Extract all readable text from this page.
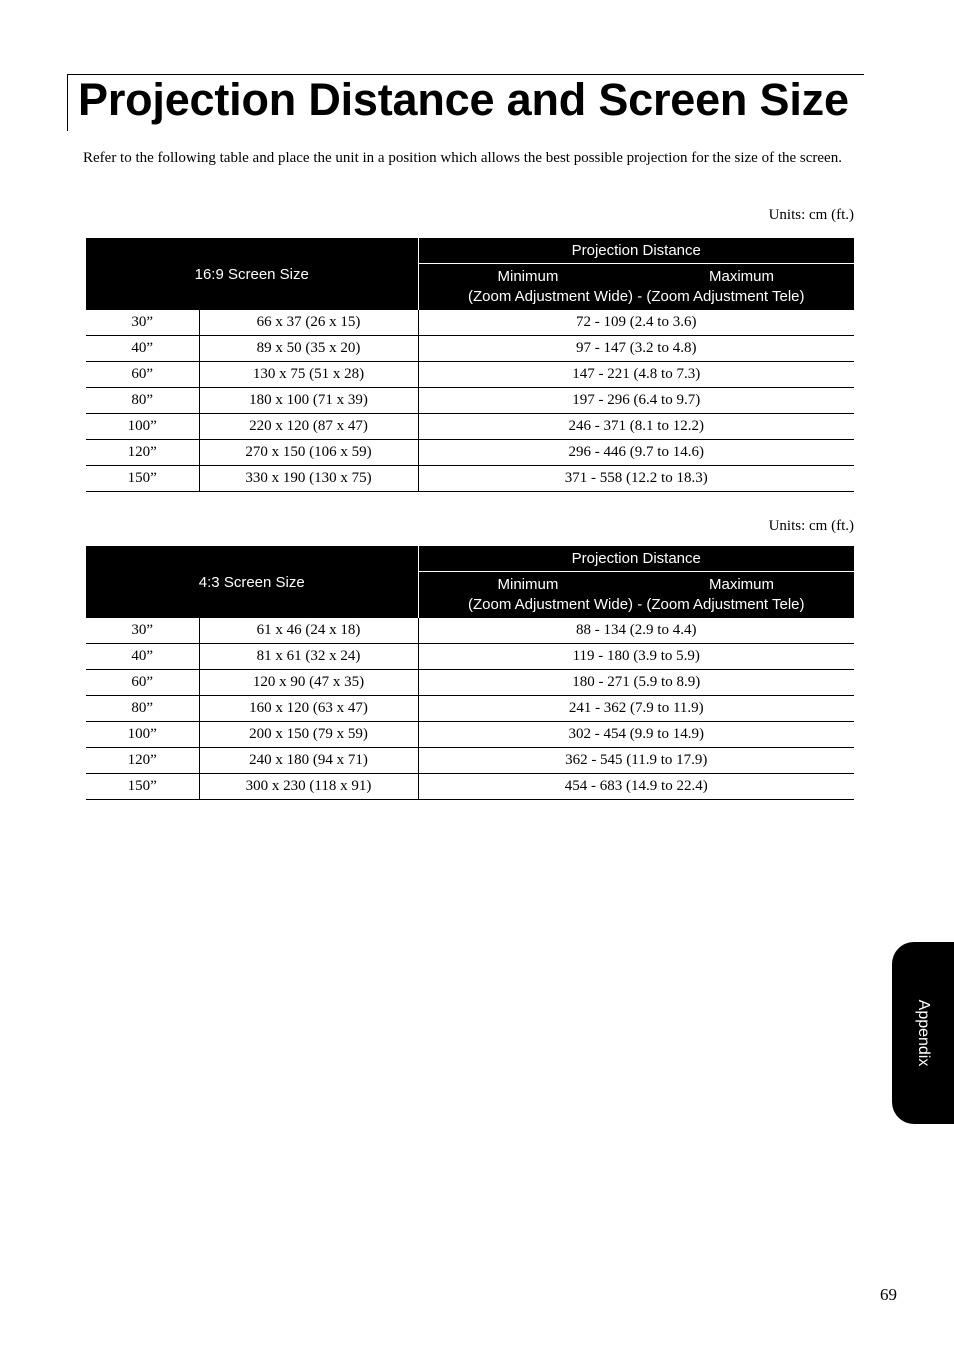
Projection Distance and Screen Size

Refer to the following table and place the unit in a position which allows the best possible projection for the size of the screen.

Units: cm (ft.)
16:9 Screen Size		Projection Distance

		Minimum Maximum
(Zoom Adjustment Wide) - (Zoom Adjustment Tele)

30”	66 x 37 (26 x 15)	72 - 109 (2.4 to 3.6)
40”	89 x 50 (35 x 20)	97 - 147 (3.2 to 4.8)
60”	130 x 75 (51 x 28)	147 - 221 (4.8 to 7.3)
80”	180 x 100 (71 x 39)	197 - 296 (6.4 to 9.7)
100”	220 x 120 (87 x 47)	246 - 371 (8.1 to 12.2)
120”	270 x 150 (106 x 59)	296 - 446 (9.7 to 14.6)
150”	330 x 190 (130 x 75)	371 - 558 (12.2 to 18.3)
Units: cm (ft.)
4:3 Screen Size		Projection Distance

		Minimum Maximum
(Zoom Adjustment Wide) - (Zoom Adjustment Tele)

30”	61 x 46 (24 x 18)	88 - 134 (2.9 to 4.4)
40”	81 x 61 (32 x 24)	119 - 180 (3.9 to 5.9)
60”	120 x 90 (47 x 35)	180 - 271 (5.9 to 8.9)
80”	160 x 120 (63 x 47)	241 - 362 (7.9 to 11.9)
100”	200 x 150 (79 x 59)	302 - 454 (9.9 to 14.9)
120”	240 x 180 (94 x 71)	362 - 545 (11.9 to 17.9)
150”	300 x 230 (118 x 91)	454 - 683 (14.9 to 22.4)
Appendix
69
